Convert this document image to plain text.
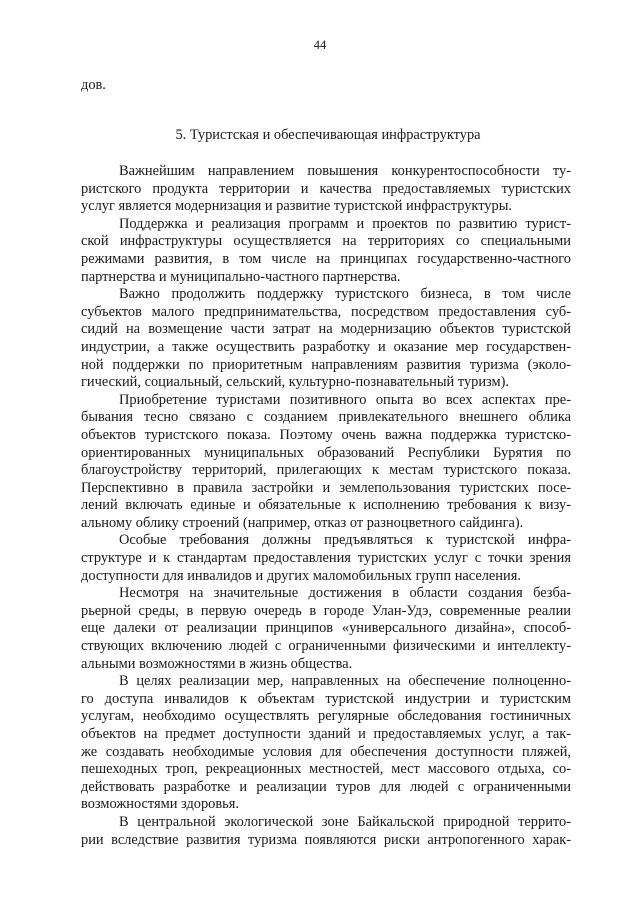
44
дов.
5. Туристская и обеспечивающая инфраструктура
Важнейшим направлением повышения конкурентоспособности ту-
ристского продукта территории и качества предоставляемых туристских
услуг является модернизация и развитие туристской инфраструктуры.
Поддержка и реализация программ и проектов по развитию турист-
ской инфраструктуры осуществляется на территориях со специальными
режимами развития, в том числе на принципах государственно-частного
партнерства и муниципально-частного партнерства.
Важно продолжить поддержку туристского бизнеса, в том числе
субъектов малого предпринимательства, посредством предоставления суб-
сидий на возмещение части затрат на модернизацию объектов туристской
индустрии, а также осуществить разработку и оказание мер государствен-
ной поддержки по приоритетным направлениям развития туризма (эколо-
гический, социальный, сельский, культурно-познавательный туризм).
Приобретение туристами позитивного опыта во всех аспектах пре-
бывания тесно связано с созданием привлекательного внешнего облика
объектов туристского показа. Поэтому очень важна поддержка туристско-
ориентированных муниципальных образований Республики Бурятия по
благоустройству территорий, прилегающих к местам туристского показа.
Перспективно в правила застройки и землепользования туристских посе-
лений включать единые и обязательные к исполнению требования к визу-
альному облику строений (например, отказ от разноцветного сайдинга).
Особые требования должны предъявляться к туристской инфра-
структуре и к стандартам предоставления туристских услуг с точки зрения
доступности для инвалидов и других маломобильных групп населения.
Несмотря на значительные достижения в области создания безба-
рьерной среды, в первую очередь в городе Улан-Удэ, современные реалии
еще далеки от реализации принципов «универсального дизайна», способ-
ствующих включению людей с ограниченными физическими и интеллекту-
альными возможностями в жизнь общества.
В целях реализации мер, направленных на обеспечение полноценно-
го доступа инвалидов к объектам туристской индустрии и туристским
услугам, необходимо осуществлять регулярные обследования гостиничных
объектов на предмет доступности зданий и предоставляемых услуг, а так-
же создавать необходимые условия для обеспечения доступности пляжей,
пешеходных троп, рекреационных местностей, мест массового отдыха, со-
действовать разработке и реализации туров для людей с ограниченными
возможностями здоровья.
В центральной экологической зоне Байкальской природной террито-
рии вследствие развития туризма появляются риски антропогенного харак-
